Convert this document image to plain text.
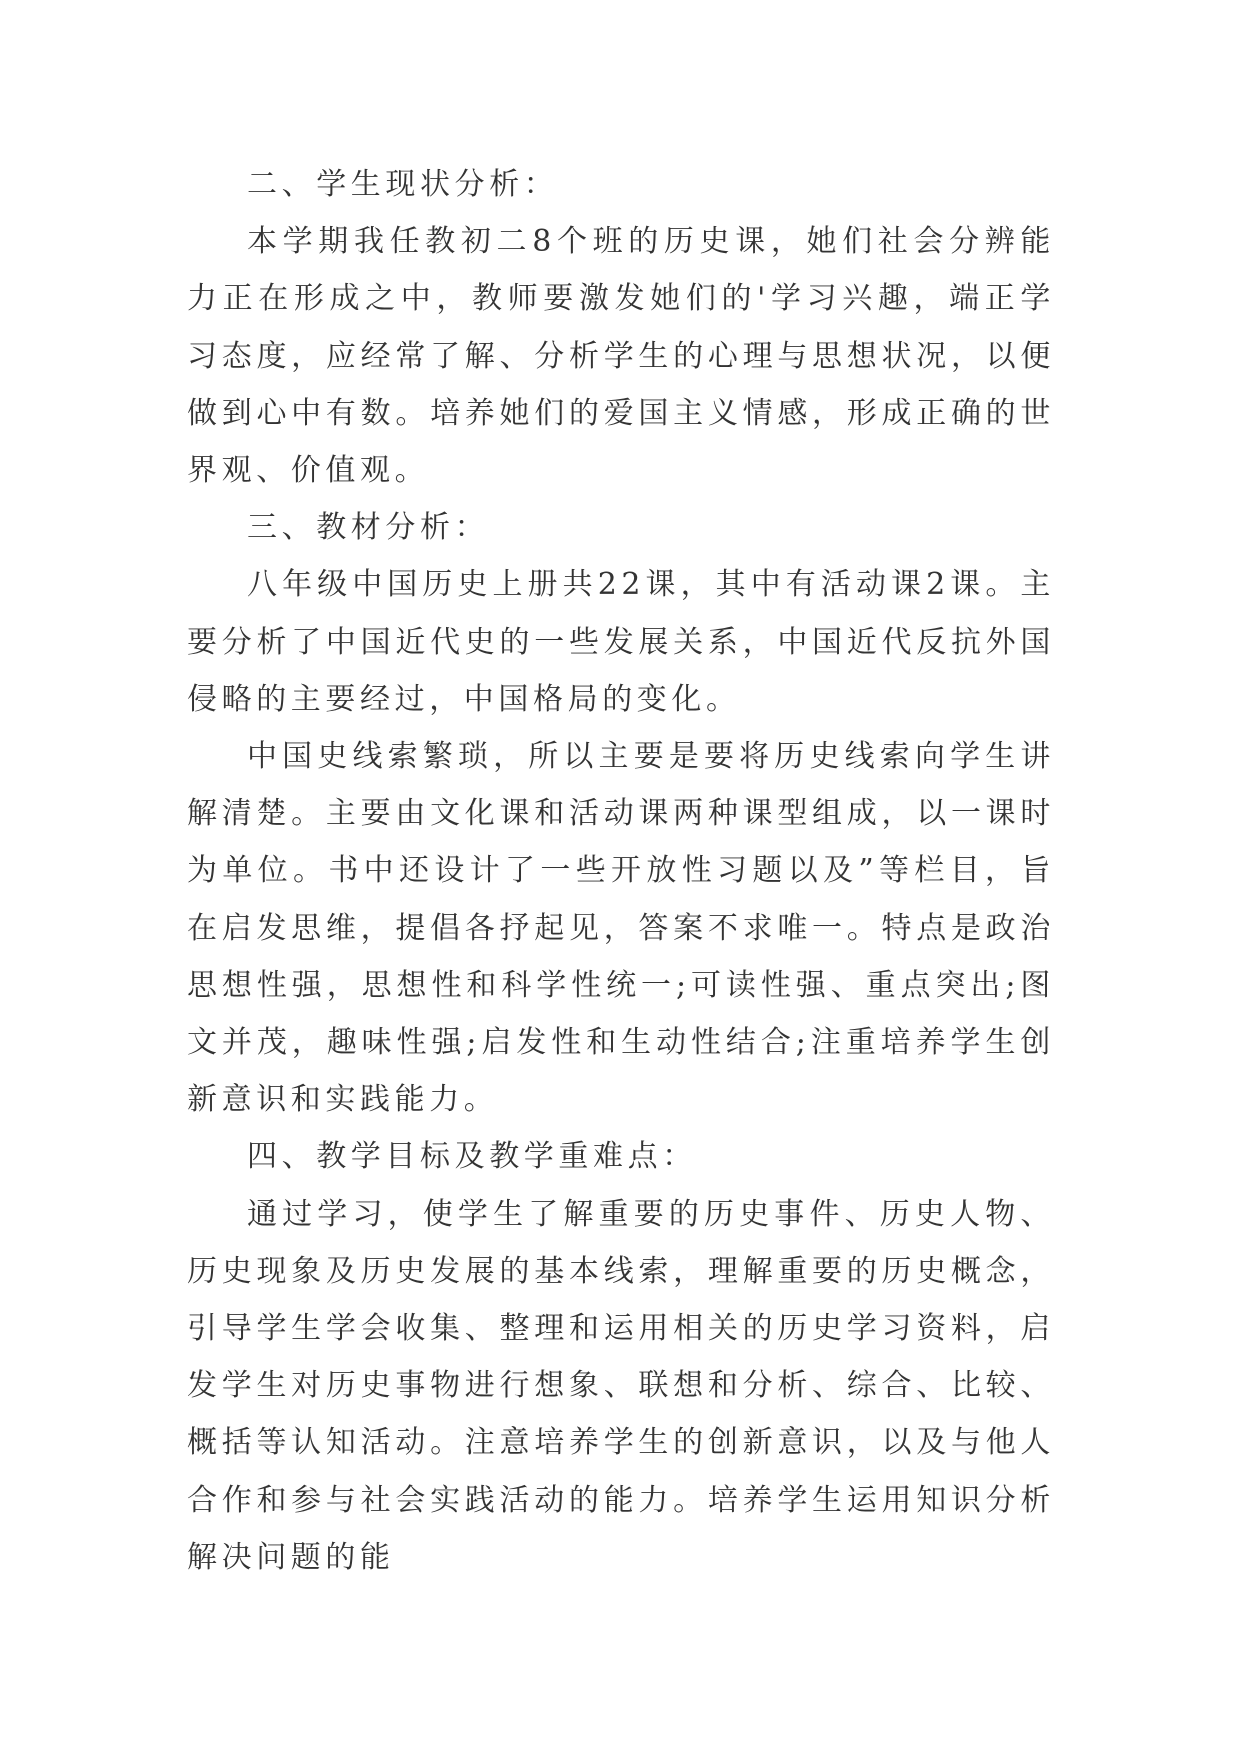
二、学生现状分析：

本学期我任教初二8个班的历史课，她们社会分辨能力正在形成之中，教师要激发她们的'学习兴趣，端正学习态度，应经常了解、分析学生的心理与思想状况，以便做到心中有数。培养她们的爱国主义情感，形成正确的世界观、价值观。

三、教材分析：

八年级中国历史上册共22课，其中有活动课2课。主要分析了中国近代史的一些发展关系，中国近代反抗外国侵略的主要经过，中国格局的变化。

中国史线索繁琐，所以主要是要将历史线索向学生讲解清楚。主要由文化课和活动课两种课型组成，以一课时为单位。书中还设计了一些开放性习题以及”等栏目，旨在启发思维，提倡各抒起见，答案不求唯一。特点是政治思想性强，思想性和科学性统一;可读性强、重点突出;图文并茂，趣味性强;启发性和生动性结合;注重培养学生创新意识和实践能力。

四、教学目标及教学重难点：

通过学习，使学生了解重要的历史事件、历史人物、历史现象及历史发展的基本线索，理解重要的历史概念，引导学生学会收集、整理和运用相关的历史学习资料，启发学生对历史事物进行想象、联想和分析、综合、比较、概括等认知活动。注意培养学生的创新意识，以及与他人合作和参与社会实践活动的能力。培养学生运用知识分析解决问题的能
